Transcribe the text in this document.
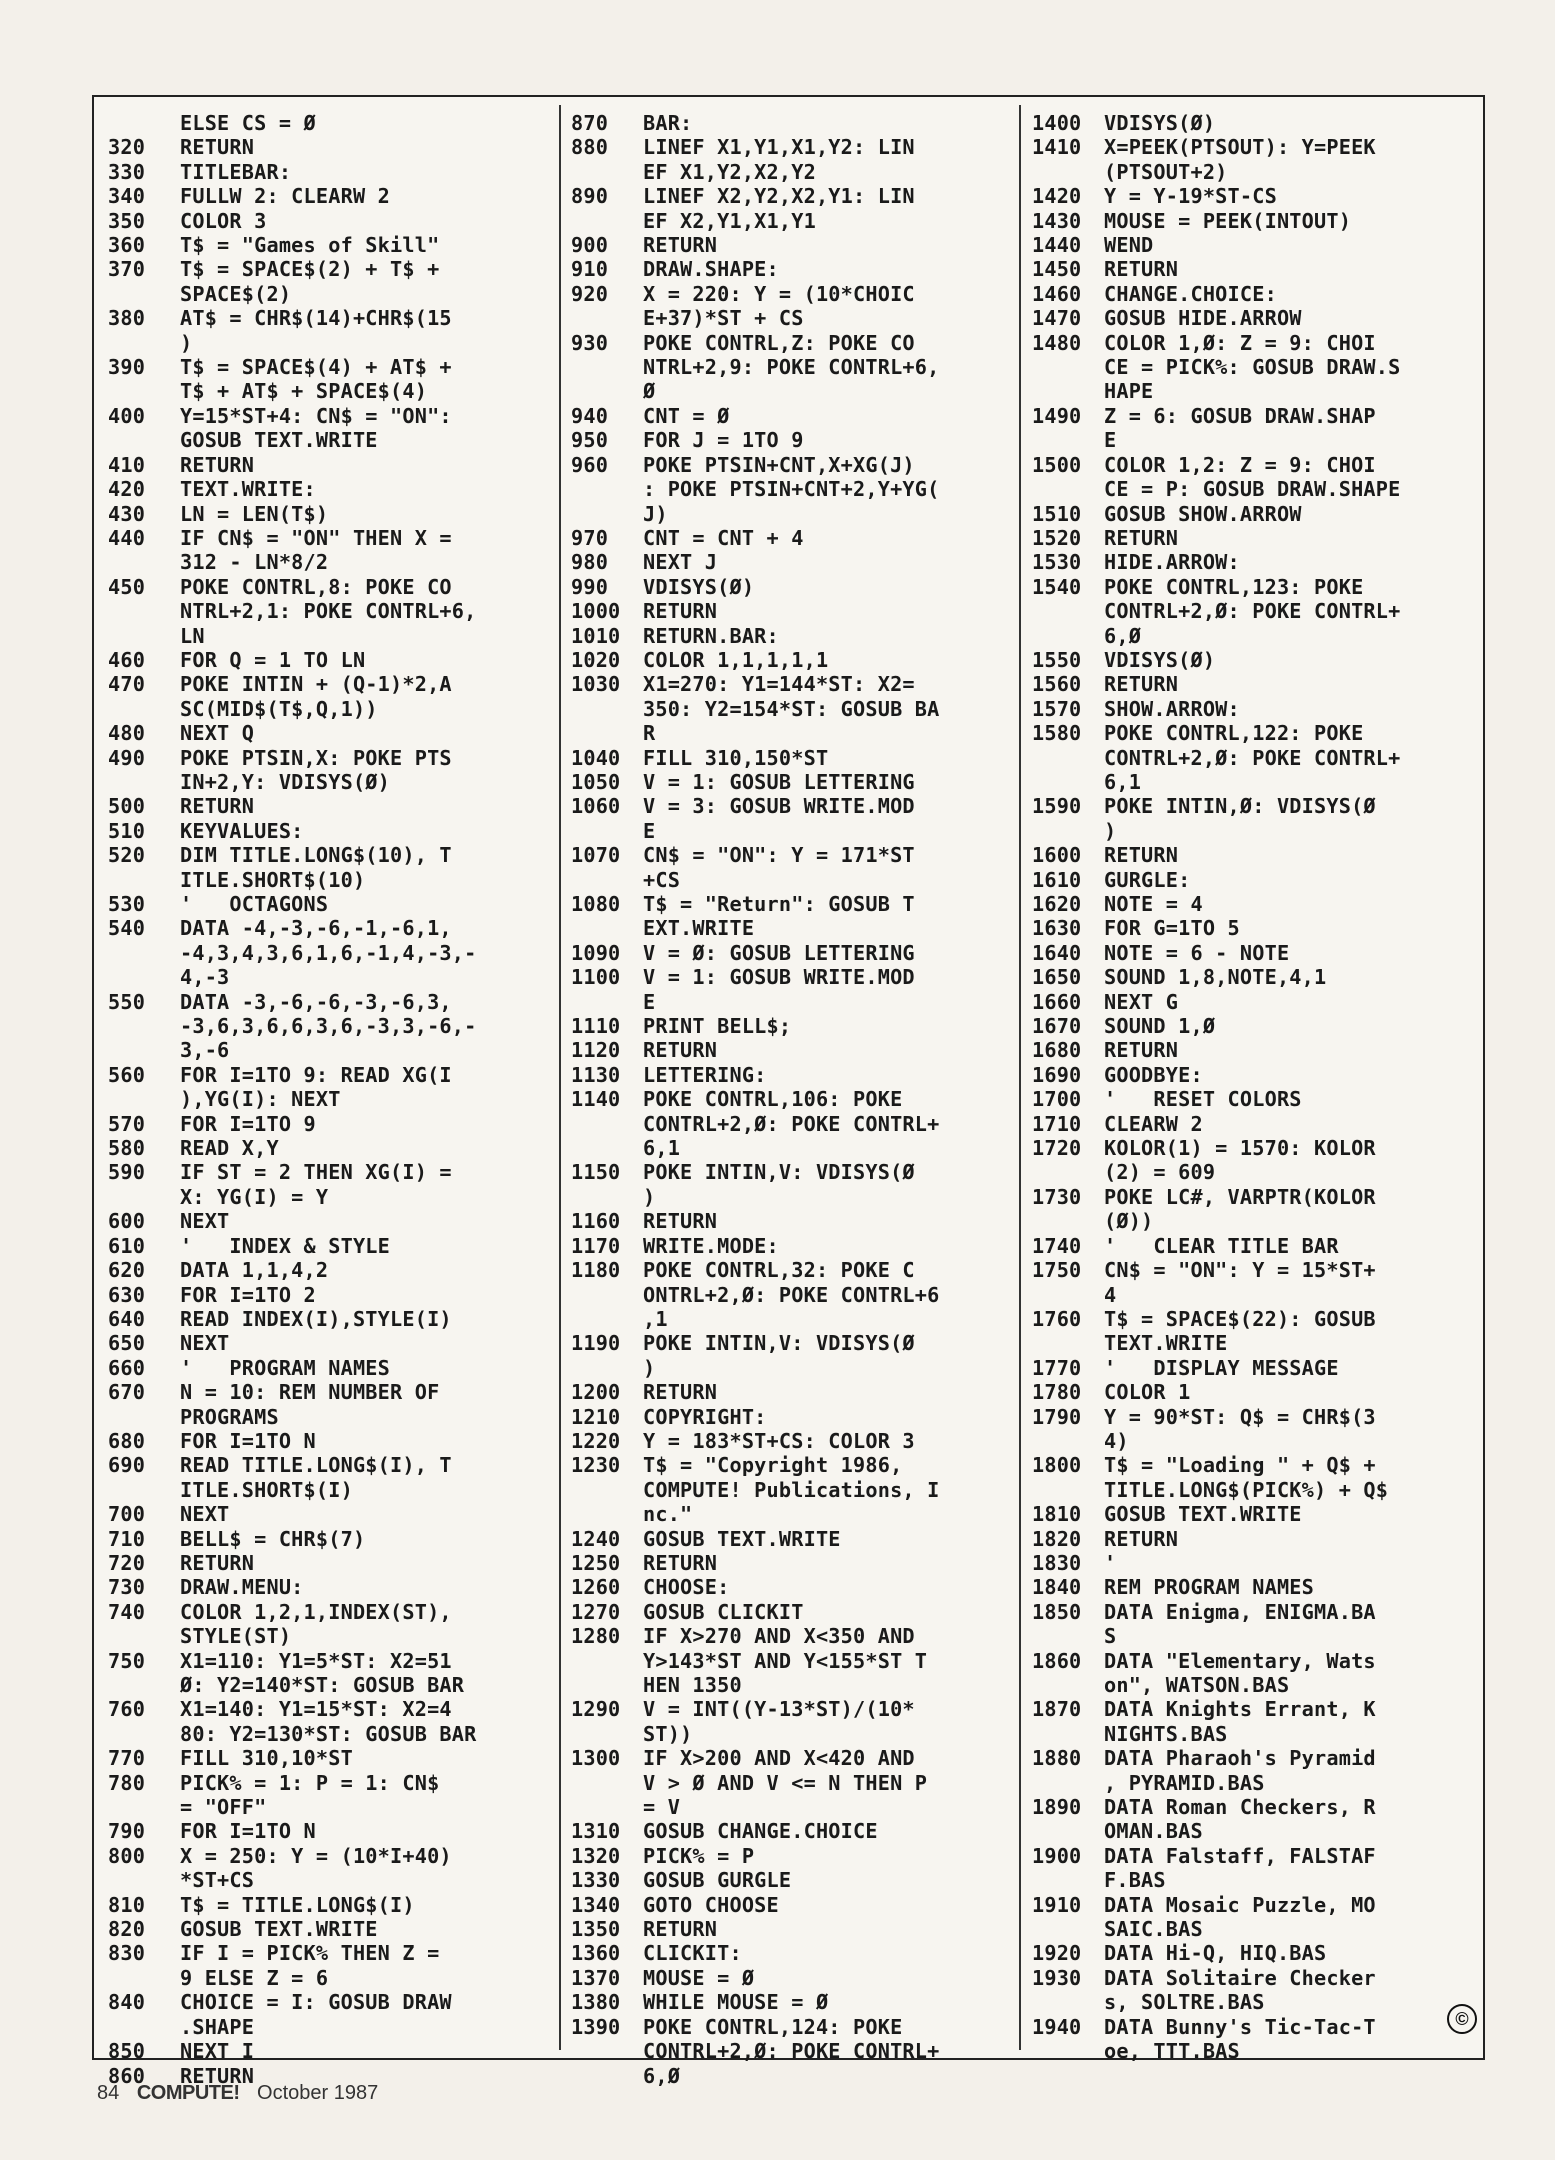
ELSE CS = Ø
320	RETURN
330	TITLEBAR:
340	FULLW 2: CLEARW 2
350	COLOR 3
360	T$ = "Games of Skill"
370	T$ = SPACE$(2) + T$ +
SPACE$(2)
380	AT$ = CHR$(14)+CHR$(15
)
390	T$ = SPACE$(4) + AT$ +
T$ + AT$ + SPACE$(4)
400	Y=15*ST+4: CN$ = "ON":
GOSUB TEXT.WRITE
410	RETURN
420	TEXT.WRITE:
430	LN = LEN(T$)
440	IF CN$ = "ON" THEN X =
312 - LN*8/2
450	POKE CONTRL,8: POKE CO
NTRL+2,1: POKE CONTRL+6,
LN
460	FOR Q = 1 TO LN
470	POKE INTIN + (Q-1)*2,A
SC(MID$(T$,Q,1))
480	NEXT Q
490	POKE PTSIN,X: POKE PTS
IN+2,Y: VDISYS(Ø)
500	RETURN
510	KEYVALUES:
520	DIM TITLE.LONG$(10), T
ITLE.SHORT$(10)
530	'   OCTAGONS
540	DATA -4,-3,-6,-1,-6,1,
-4,3,4,3,6,1,6,-1,4,-3,-
4,-3
550	DATA -3,-6,-6,-3,-6,3,
-3,6,3,6,6,3,6,-3,3,-6,-
3,-6
560	FOR I=1TO 9: READ XG(I
),YG(I): NEXT
570	FOR I=1TO 9
580	READ X,Y
590	IF ST = 2 THEN XG(I) =
X: YG(I) = Y
600	NEXT
610	'   INDEX & STYLE
620	DATA 1,1,4,2
630	FOR I=1TO 2
640	READ INDEX(I),STYLE(I)
650	NEXT
660	'   PROGRAM NAMES
670	N = 10: REM NUMBER OF
PROGRAMS
680	FOR I=1TO N
690	READ TITLE.LONG$(I), T
ITLE.SHORT$(I)
700	NEXT
710	BELL$ = CHR$(7)
720	RETURN
730	DRAW.MENU:
740	COLOR 1,2,1,INDEX(ST),
STYLE(ST)
750	X1=110: Y1=5*ST: X2=51
Ø: Y2=140*ST: GOSUB BAR
760	X1=140: Y1=15*ST: X2=4
80: Y2=130*ST: GOSUB BAR
770	FILL 310,10*ST
780	PICK% = 1: P = 1: CN$
= "OFF"
790	FOR I=1TO N
800	X = 250: Y = (10*I+40)
*ST+CS
810	T$ = TITLE.LONG$(I)
820	GOSUB TEXT.WRITE
830	IF I = PICK% THEN Z =
9 ELSE Z = 6
840	CHOICE = I: GOSUB DRAW
.SHAPE
850	NEXT I
860	RETURN
870	BAR:
880	LINEF X1,Y1,X1,Y2: LIN
EF X1,Y2,X2,Y2
890	LINEF X2,Y2,X2,Y1: LIN
EF X2,Y1,X1,Y1
900	RETURN
910	DRAW.SHAPE:
920	X = 220: Y = (10*CHOIC
E+37)*ST + CS
930	POKE CONTRL,Z: POKE CO
NTRL+2,9: POKE CONTRL+6,
Ø
940	CNT = Ø
950	FOR J = 1TO 9
960	POKE PTSIN+CNT,X+XG(J)
: POKE PTSIN+CNT+2,Y+YG(
J)
970	CNT = CNT + 4
980	NEXT J
990	VDISYS(Ø)
1000	RETURN
1010	RETURN.BAR:
1020	COLOR 1,1,1,1,1
1030	X1=270: Y1=144*ST: X2=
350: Y2=154*ST: GOSUB BA
R
1040	FILL 310,150*ST
1050	V = 1: GOSUB LETTERING
1060	V = 3: GOSUB WRITE.MOD
E
1070	CN$ = "ON": Y = 171*ST
+CS
1080	T$ = "Return": GOSUB T
EXT.WRITE
1090	V = Ø: GOSUB LETTERING
1100	V = 1: GOSUB WRITE.MOD
E
1110	PRINT BELL$;
1120	RETURN
1130	LETTERING:
1140	POKE CONTRL,106: POKE
CONTRL+2,Ø: POKE CONTRL+
6,1
1150	POKE INTIN,V: VDISYS(Ø
)
1160	RETURN
1170	WRITE.MODE:
1180	POKE CONTRL,32: POKE C
ONTRL+2,Ø: POKE CONTRL+6
,1
1190	POKE INTIN,V: VDISYS(Ø
)
1200	RETURN
1210	COPYRIGHT:
1220	Y = 183*ST+CS: COLOR 3
1230	T$ = "Copyright 1986,
COMPUTE! Publications, I
nc."
1240	GOSUB TEXT.WRITE
1250	RETURN
1260	CHOOSE:
1270	GOSUB CLICKIT
1280	IF X>270 AND X<350 AND
Y>143*ST AND Y<155*ST T
HEN 1350
1290	V = INT((Y-13*ST)/(10*
ST))
1300	IF X>200 AND X<420 AND
V > Ø AND V <= N THEN P
= V
1310	GOSUB CHANGE.CHOICE
1320	PICK% = P
1330	GOSUB GURGLE
1340	GOTO CHOOSE
1350	RETURN
1360	CLICKIT:
1370	MOUSE = Ø
1380	WHILE MOUSE = Ø
1390	POKE CONTRL,124: POKE
CONTRL+2,Ø: POKE CONTRL+
6,Ø
1400	VDISYS(Ø)
1410	X=PEEK(PTSOUT): Y=PEEK
(PTSOUT+2)
1420	Y = Y-19*ST-CS
1430	MOUSE = PEEK(INTOUT)
1440	WEND
1450	RETURN
1460	CHANGE.CHOICE:
1470	GOSUB HIDE.ARROW
1480	COLOR 1,Ø: Z = 9: CHOI
CE = PICK%: GOSUB DRAW.S
HAPE
1490	Z = 6: GOSUB DRAW.SHAP
E
1500	COLOR 1,2: Z = 9: CHOI
CE = P: GOSUB DRAW.SHAPE
1510	GOSUB SHOW.ARROW
1520	RETURN
1530	HIDE.ARROW:
1540	POKE CONTRL,123: POKE
CONTRL+2,Ø: POKE CONTRL+
6,Ø
1550	VDISYS(Ø)
1560	RETURN
1570	SHOW.ARROW:
1580	POKE CONTRL,122: POKE
CONTRL+2,Ø: POKE CONTRL+
6,1
1590	POKE INTIN,Ø: VDISYS(Ø
)
1600	RETURN
1610	GURGLE:
1620	NOTE = 4
1630	FOR G=1TO 5
1640	NOTE = 6 - NOTE
1650	SOUND 1,8,NOTE,4,1
1660	NEXT G
1670	SOUND 1,Ø
1680	RETURN
1690	GOODBYE:
1700	'   RESET COLORS
1710	CLEARW 2
1720	KOLOR(1) = 1570: KOLOR
(2) = 609
1730	POKE LC#, VARPTR(KOLOR
(Ø))
1740	'   CLEAR TITLE BAR
1750	CN$ = "ON": Y = 15*ST+
4
1760	T$ = SPACE$(22): GOSUB
TEXT.WRITE
1770	'   DISPLAY MESSAGE
1780	COLOR 1
1790	Y = 90*ST: Q$ = CHR$(3
4)
1800	T$ = "Loading " + Q$ +
TITLE.LONG$(PICK%) + Q$
1810	GOSUB TEXT.WRITE
1820	RETURN
1830	'
1840	REM PROGRAM NAMES
1850	DATA Enigma, ENIGMA.BA
S
1860	DATA "Elementary, Wats
on", WATSON.BAS
1870	DATA Knights Errant, K
NIGHTS.BAS
1880	DATA Pharaoh's Pyramid
, PYRAMID.BAS
1890	DATA Roman Checkers, R
OMAN.BAS
1900	DATA Falstaff, FALSTAF
F.BAS
1910	DATA Mosaic Puzzle, MO
SAIC.BAS
1920	DATA Hi-Q, HIQ.BAS
1930	DATA Solitaire Checker
s, SOLTRE.BAS
1940	DATA Bunny's Tic-Tac-T
oe, TTT.BAS
©
84 COMPUTE! October 1987
